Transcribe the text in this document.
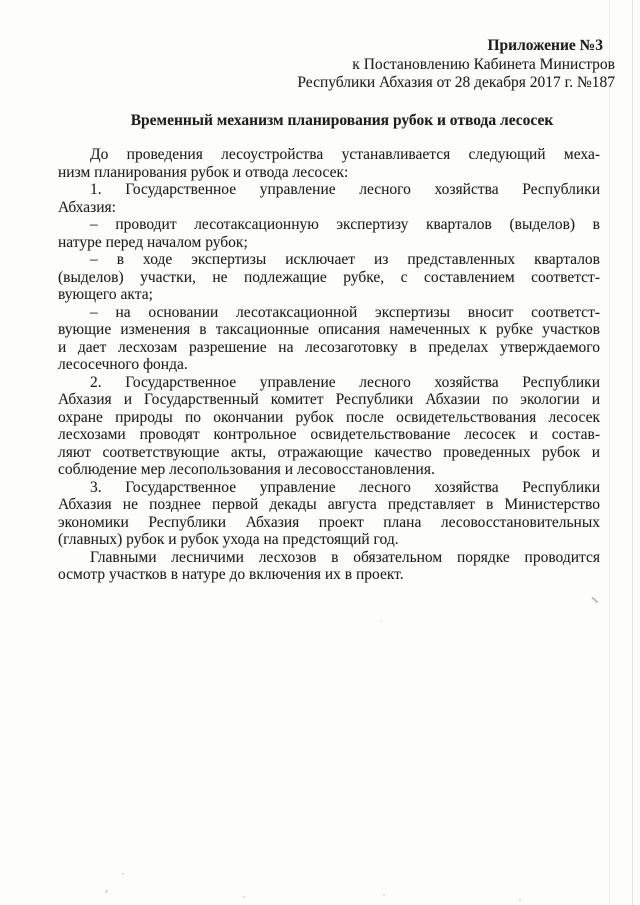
Приложение №3
к Постановлению Кабинета Министров
Республики Абхазия от 28 декабря 2017 г. №187
Временный механизм планирования рубок и отвода лесосек
До проведения лесоустройства устанавливается следующий меха-
низм планирования рубок и отвода лесосек:
1. Государственное управление лесного хозяйства Республики
Абхазия:
– проводит лесотаксационную экспертизу кварталов (выделов) в
натуре перед началом рубок;
– в ходе экспертизы исключает из представленных кварталов
(выделов) участки, не подлежащие рубке, с составлением соответст-
вующего акта;
– на основании лесотаксационной экспертизы вносит соответст-
вующие изменения в таксационные описания намеченных к рубке участков
и дает лесхозам разрешение на лесозаготовку в пределах утверждаемого
лесосечного фонда.
2. Государственное управление лесного хозяйства Республики
Абхазия и Государственный комитет Республики Абхазии по экологии и
охране природы по окончании рубок после освидетельствования лесосек
лесхозами проводят контрольное освидетельствование лесосек и состав-
ляют соответствующие акты, отражающие качество проведенных рубок и
соблюдение мер лесопользования и лесовосстановления.
3. Государственное управление лесного хозяйства Республики
Абхазия не позднее первой декады августа представляет в Министерство
экономики Республики Абхазия проект плана лесовосстановительных
(главных) рубок и рубок ухода на предстоящий год.
Главными лесничими лесхозов в обязательном порядке проводится
осмотр участков в натуре до включения их в проект.
